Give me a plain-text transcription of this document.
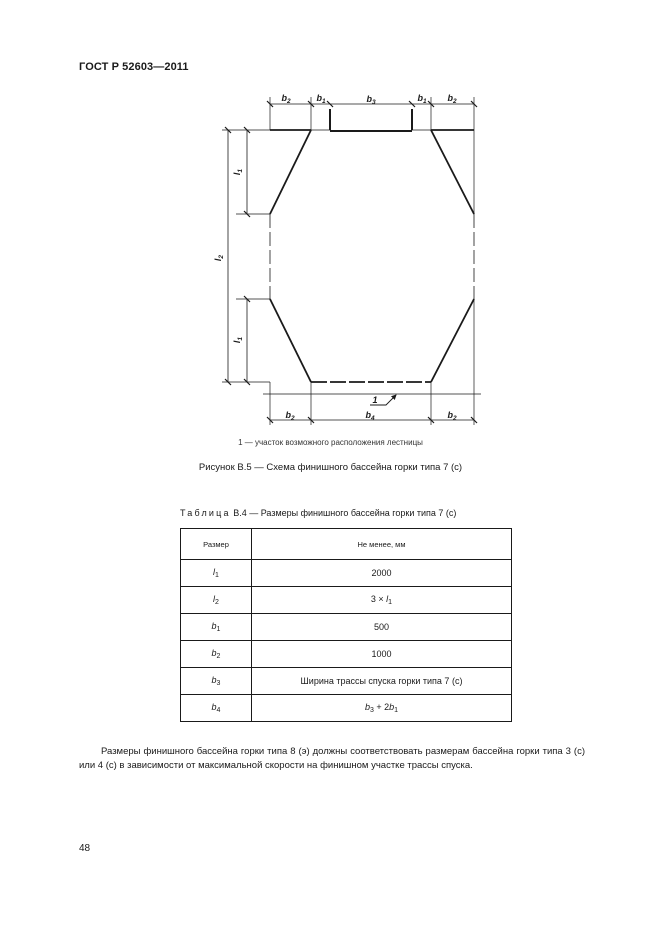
ГОСТ Р 52603—2011
$b_2$	$b_1$	$b_3$	$b_1$ $b_2$
$b_2$	$b_4$	$b_2$
1
$l_1$
$l_1$
$l_2$
1 — участок возможного расположения лестницы
Рисунок В.5 — Схема финишного бассейна горки типа 7 (с)
Таблица В.4 — Размеры финишного бассейна горки типа 7 (с)
Размер	Не менее, мм
$l_1$	2000
$l_2$	$3 \times l_1$
$b_1$	500
$b_2$	1000
$b_3$	Ширина трассы спуска горки типа 7 (с)
$b_4$	$b_3 + 2b_1$
Размеры финишного бассейна горки типа 8 (э) должны соответствовать размерам бассейна горки типа 3 (с) или 4 (с) в зависимости от максимальной скорости на финишном участке трассы спуска.
48
